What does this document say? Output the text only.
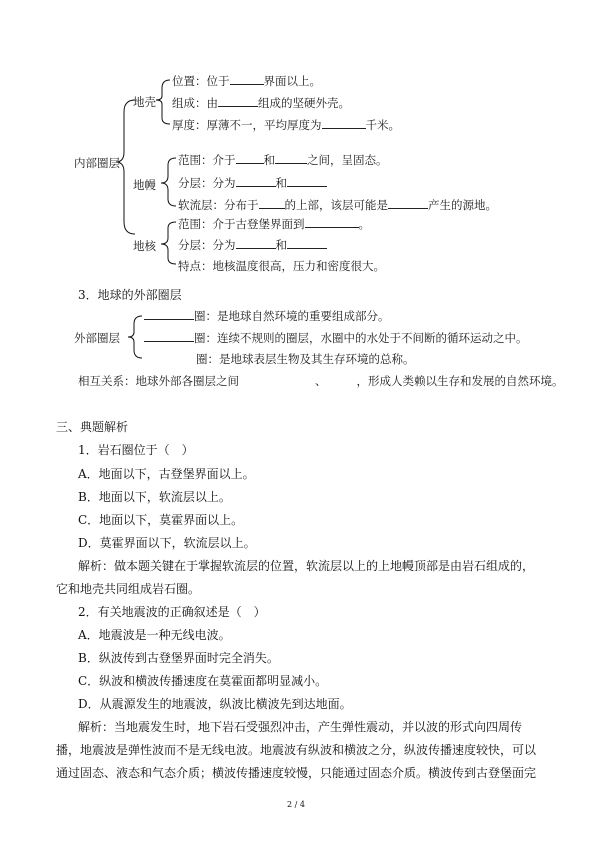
内部圈层
地壳
地幔
地核
位置：位于	界面以上。
组成：由	组成的坚硬外壳。
厚度：厚薄不一，平均厚度为	千米。
范围：介于 和	之间，呈固态。
分层：分为	和
软流层：分布于 的上部，该层可能是	产生的源地。
范围：介于古登堡界面到	。
分层：分为	和
特点：地核温度很高，压力和密度很大。
3．地球的外部圈层
外部圈层
圈：是地球自然环境的重要组成部分。
圈：连续不规则的圈层，水圈中的水处于不间断的循环运动之中。
圈：是地球表层生物及其生存环境的总称。
相互关系：地球外部各圈层之间	、	，形成人类赖以生存和发展的自然环境。
三、典题解析
1．岩石圈位于（　）
A．地面以下，古登堡界面以上。
B．地面以下，软流层以上。
C．地面以下，莫霍界面以上。
D．莫霍界面以下，软流层以上。
解析：做本题关键在于掌握软流层的位置，软流层以上的上地幔顶部是由岩石组成的，
它和地壳共同组成岩石圈。
2．有关地震波的正确叙述是（　）
A．地震波是一种无线电波。
B．纵波传到古登堡界面时完全消失。
C．纵波和横波传播速度在莫霍面都明显减小。
D．从震源发生的地震波，纵波比横波先到达地面。
解析：当地震发生时，地下岩石受强烈冲击，产生弹性震动，并以波的形式向四周传
播，地震波是弹性波而不是无线电波。地震波有纵波和横波之分，纵波传播速度较快，可以
通过固态、液态和气态介质；横波传播速度较慢，只能通过固态介质。横波传到古登堡面完
2 / 4
